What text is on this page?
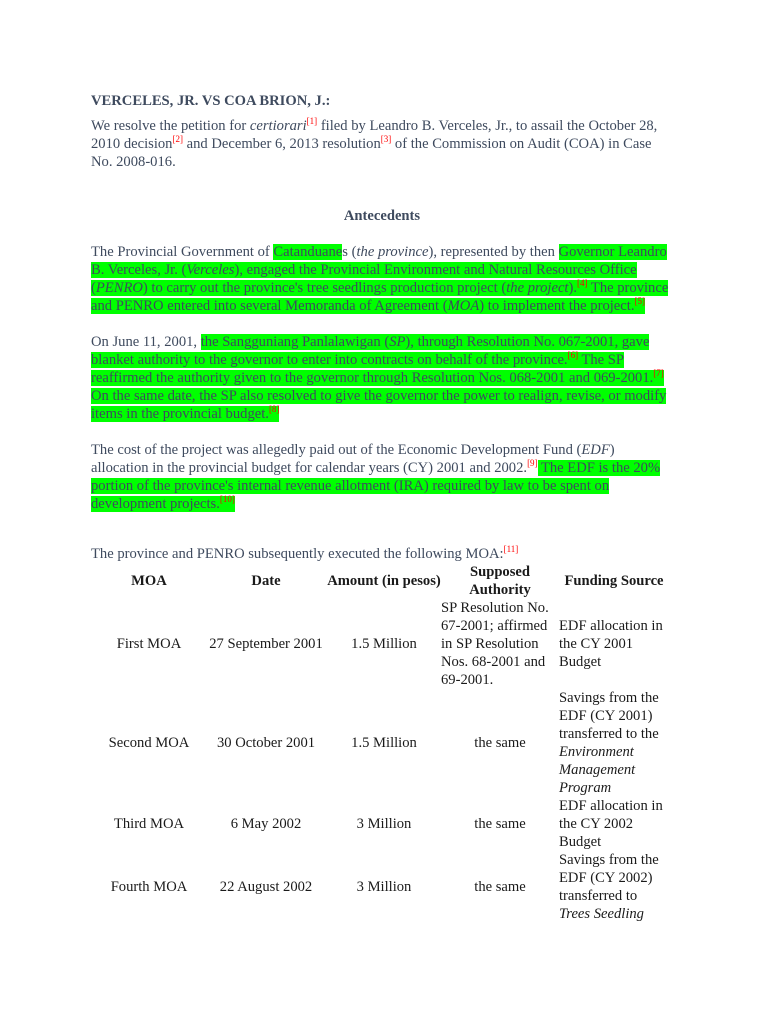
VERCELES, JR. VS COA BRION, J.:

We resolve the petition for certiorari[1] filed by Leandro B. Verceles, Jr., to assail the October 28, 2010 decision[2] and December 6, 2013 resolution[3] of the Commission on Audit (COA) in Case No. 2008-016.

Antecedents

The Provincial Government of Catanduanes (the province), represented by then Governor Leandro B. Verceles, Jr. (Verceles), engaged the Provincial Environment and Natural Resources Office (PENRO) to carry out the province's tree seedlings production project (the project).[4] The province and PENRO entered into several Memoranda of Agreement (MOA) to implement the project.[5]

On June 11, 2001, the Sangguniang Panlalawigan (SP), through Resolution No. 067-2001, gave blanket authority to the governor to enter into contracts on behalf of the province.[6] The SP reaffirmed the authority given to the governor through Resolution Nos. 068-2001 and 069-2001.[7] On the same date, the SP also resolved to give the governor the power to realign, revise, or modify items in the provincial budget.[8]

The cost of the project was allegedly paid out of the Economic Development Fund (EDF) allocation in the provincial budget for calendar years (CY) 2001 and 2002.[9] The EDF is the 20% portion of the province's internal revenue allotment (IRA) required by law to be spent on development projects.[10]

The province and PENRO subsequently executed the following MOA:[11]
MOA	Date	Amount (in pesos)	Supposed Authority	Funding Source
First MOA	27 September 2001	1.5 Million	SP Resolution No. 67-2001; affirmed in SP Resolution Nos. 68-2001 and 69-2001.	EDF allocation in the CY 2001 Budget
Second MOA	30 October 2001	1.5 Million	the same	Savings from the EDF (CY 2001) transferred to the Environment Management Program
Third MOA	6 May 2002	3 Million	the same	EDF allocation in the CY 2002 Budget
Fourth MOA	22 August 2002	3 Million	the same	Savings from the EDF (CY 2002) transferred to Trees Seedling
